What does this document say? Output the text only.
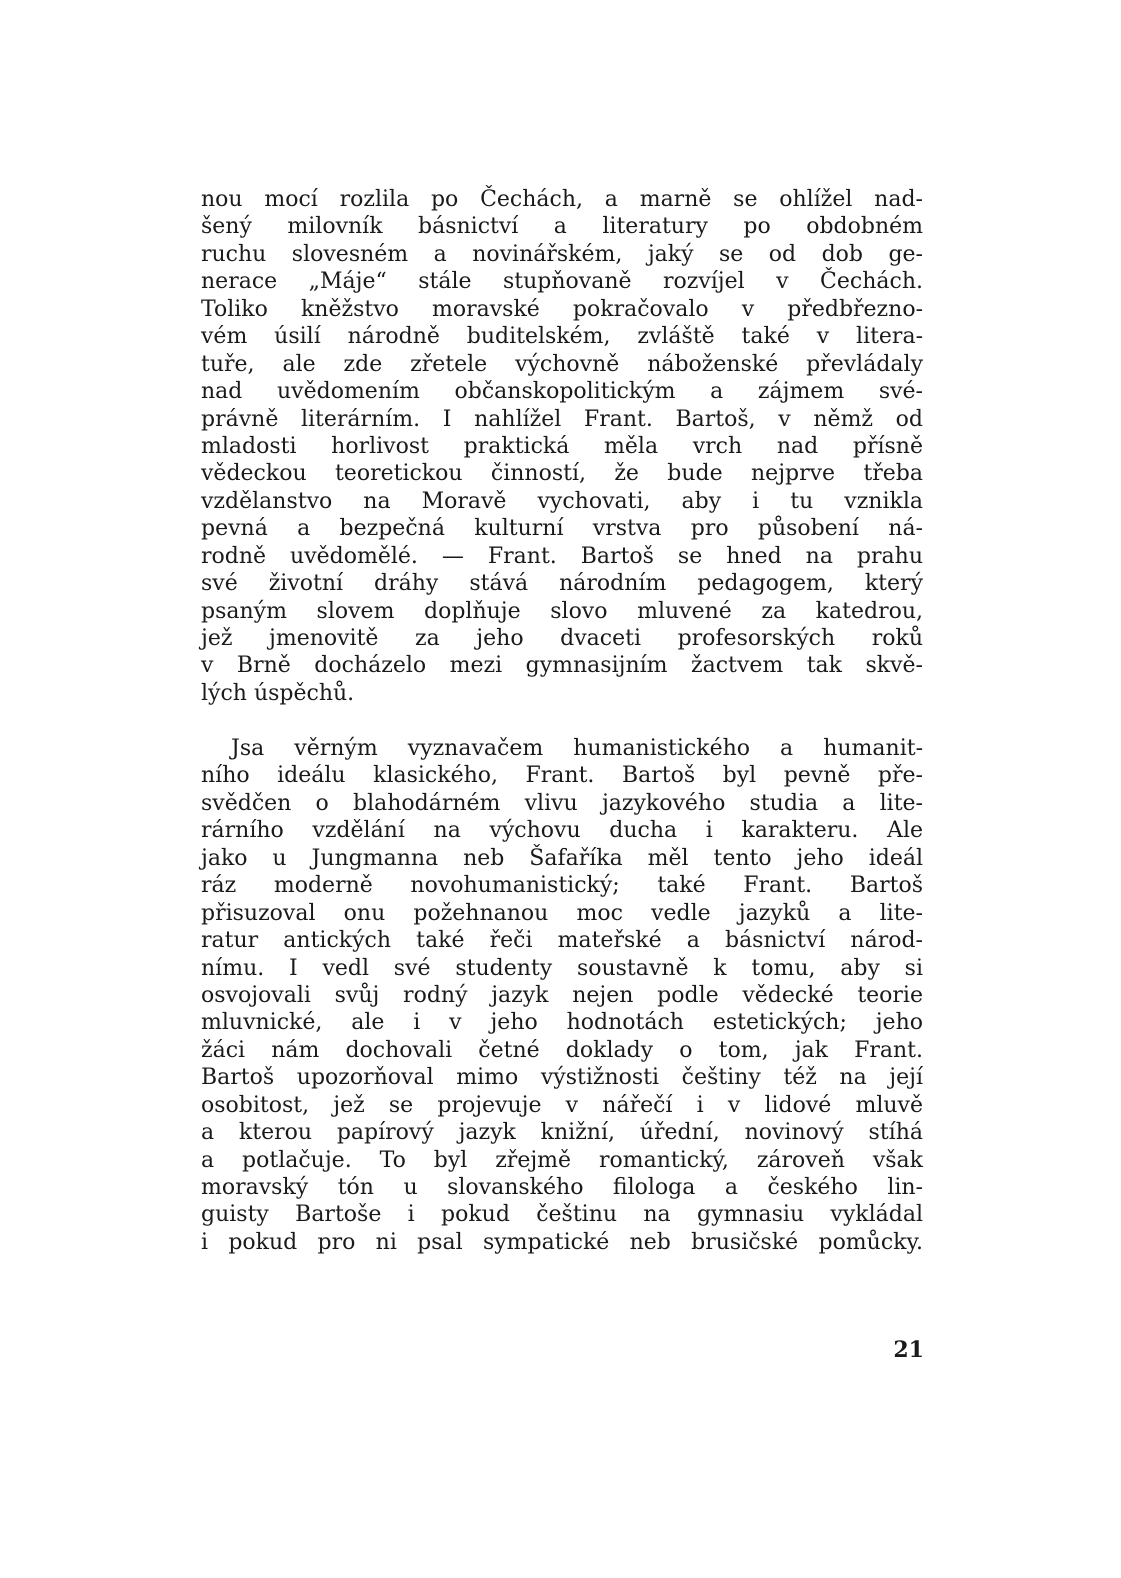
nou mocí rozlila po Čechách, a marně se ohlížel nad-
šený milovník básnictví a literatury po obdobném
ruchu slovesném a novinářském, jaký se od dob ge-
nerace „Máje“ stále stupňovaně rozvíjel v Čechách.
Toliko kněžstvo moravské pokračovalo v předbřezno-
vém úsilí národně buditelském, zvláště také v litera-
tuře, ale zde zřetele výchovně náboženské převládaly
nad uvědomením občanskopolitickým a zájmem své-
právně literárním. I nahlížel Frant. Bartoš, v němž od
mladosti horlivost praktická měla vrch nad přísně
vědeckou teoretickou činností, že bude nejprve třeba
vzdělanstvo na Moravě vychovati, aby i tu vznikla
pevná a bezpečná kulturní vrstva pro působení ná-
rodně uvědomělé. — Frant. Bartoš se hned na prahu
své životní dráhy stává národním pedagogem, který
psaným slovem doplňuje slovo mluvené za katedrou,
jež jmenovitě za jeho dvaceti profesorských roků
v Brně docházelo mezi gymnasijním žactvem tak skvě-
lých úspěchů.
Jsa věrným vyznavačem humanistického a humanit-
ního ideálu klasického, Frant. Bartoš byl pevně pře-
svědčen o blahodárném vlivu jazykového studia a lite-
rárního vzdělání na výchovu ducha i karakteru. Ale
jako u Jungmanna neb Šafaříka měl tento jeho ideál
ráz moderně novohumanistický; také Frant. Bartoš
přisuzoval onu požehnanou moc vedle jazyků a lite-
ratur antických také řeči mateřské a básnictví národ-
nímu. I vedl své studenty soustavně k tomu, aby si
osvojovali svůj rodný jazyk nejen podle vědecké teorie
mluvnické, ale i v jeho hodnotách estetických; jeho
žáci nám dochovali četné doklady o tom, jak Frant.
Bartoš upozorňoval mimo výstižnosti češtiny též na její
osobitost, jež se projevuje v nářečí i v lidové mluvě
a kterou papírový jazyk knižní, úřední, novinový stíhá
a potlačuje. To byl zřejmě romantický, zároveň však
moravský tón u slovanského filologa a českého lin-
guisty Bartoše i pokud češtinu na gymnasiu vykládal
i pokud pro ni psal sympatické neb brusičské pomůcky.
21
